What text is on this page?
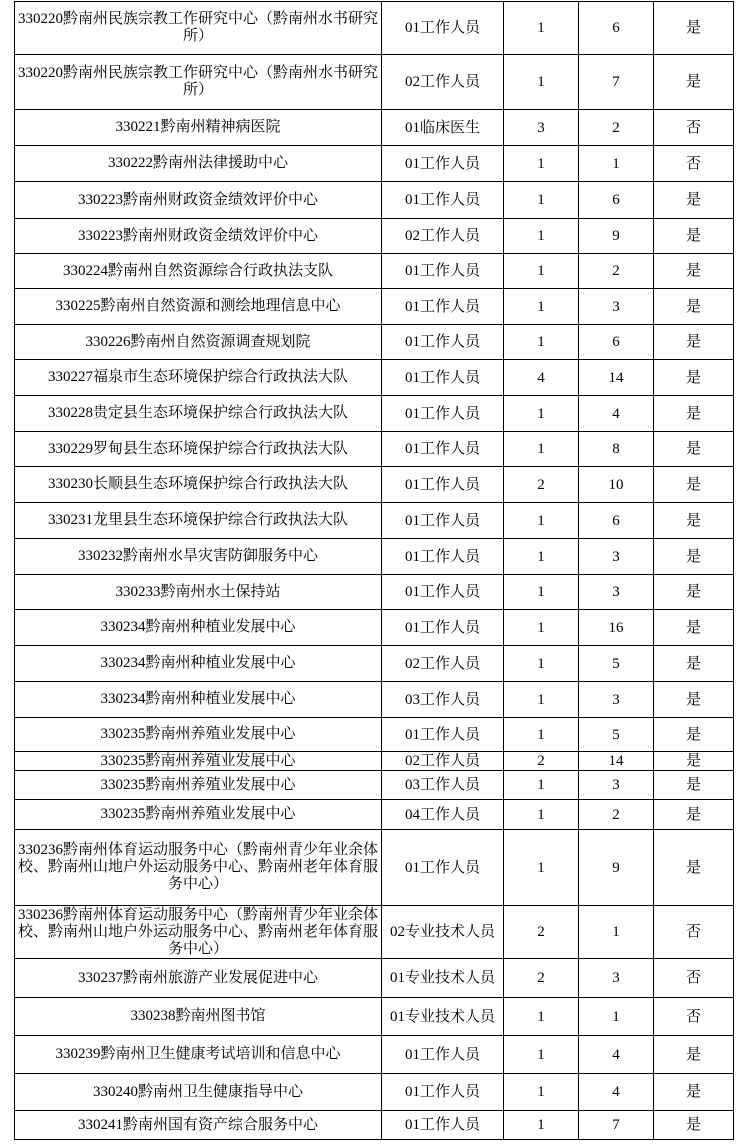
330220黔南州民族宗教工作研究中心（黔南州水书研究所）	01工作人员	1	6	是
330220黔南州民族宗教工作研究中心（黔南州水书研究所）	02工作人员	1	7	是
330221黔南州精神病医院	01临床医生	3	2	否
330222黔南州法律援助中心	01工作人员	1	1	否
330223黔南州财政资金绩效评价中心	01工作人员	1	6	是
330223黔南州财政资金绩效评价中心	02工作人员	1	9	是
330224黔南州自然资源综合行政执法支队	01工作人员	1	2	是
330225黔南州自然资源和测绘地理信息中心	01工作人员	1	3	是
330226黔南州自然资源调查规划院	01工作人员	1	6	是
330227福泉市生态环境保护综合行政执法大队	01工作人员	4	14	是
330228贵定县生态环境保护综合行政执法大队	01工作人员	1	4	是
330229罗甸县生态环境保护综合行政执法大队	01工作人员	1	8	是
330230长顺县生态环境保护综合行政执法大队	01工作人员	2	10	是
330231龙里县生态环境保护综合行政执法大队	01工作人员	1	6	是
330232黔南州水旱灾害防御服务中心	01工作人员	1	3	是
330233黔南州水土保持站	01工作人员	1	3	是
330234黔南州种植业发展中心	01工作人员	1	16	是
330234黔南州种植业发展中心	02工作人员	1	5	是
330234黔南州种植业发展中心	03工作人员	1	3	是
330235黔南州养殖业发展中心	01工作人员	1	5	是
330235黔南州养殖业发展中心	02工作人员	2	14	是
330235黔南州养殖业发展中心	03工作人员	1	3	是
330235黔南州养殖业发展中心	04工作人员	1	2	是
330236黔南州体育运动服务中心（黔南州青少年业余体校、黔南州山地户外运动服务中心、黔南州老年体育服务中心）	01工作人员	1	9	是
330236黔南州体育运动服务中心（黔南州青少年业余体校、黔南州山地户外运动服务中心、黔南州老年体育服务中心）	02专业技术人员	2	1	否
330237黔南州旅游产业发展促进中心	01专业技术人员	2	3	否
330238黔南州图书馆	01专业技术人员	1	1	否
330239黔南州卫生健康考试培训和信息中心	01工作人员	1	4	是
330240黔南州卫生健康指导中心	01工作人员	1	4	是
330241黔南州国有资产综合服务中心	01工作人员	1	7	是
